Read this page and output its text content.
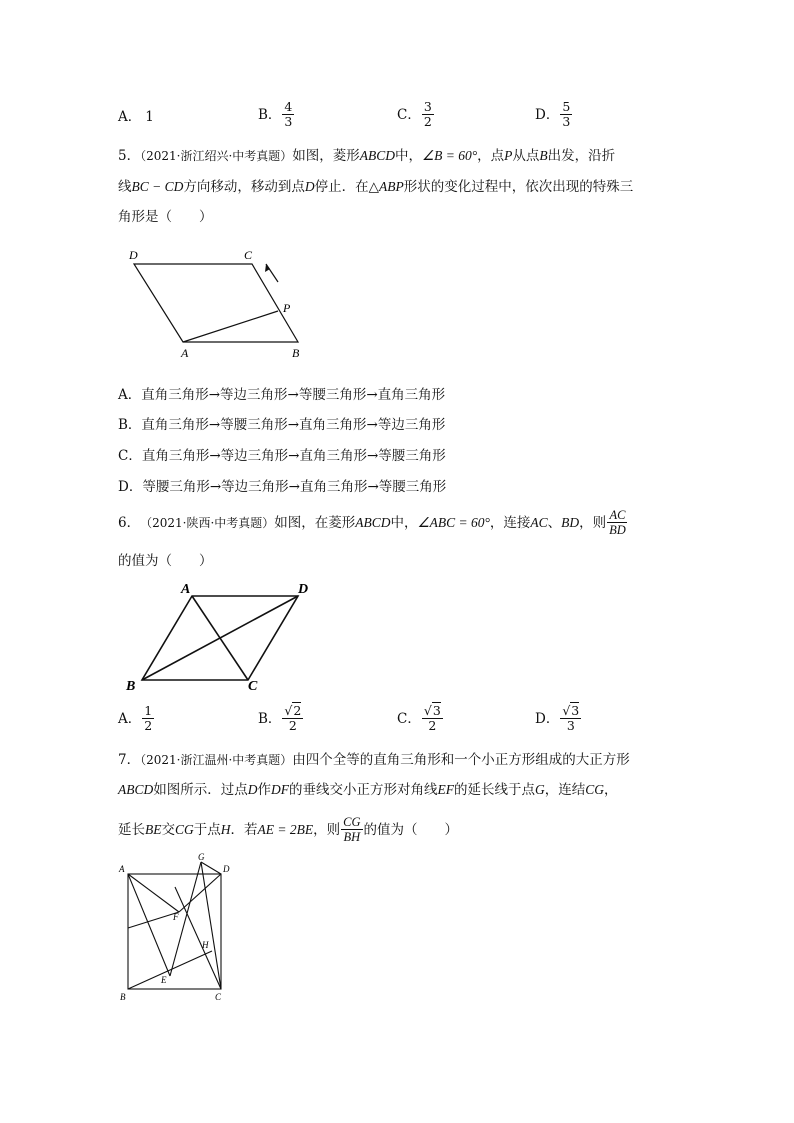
A． 1	B． $\frac{4}{3}$	C． $\frac{3}{2}$	D． $\frac{5}{3}$
5．（2021·浙江绍兴·中考真题）如图，菱形ABCD中，∠B = 60°，点P从点B出发，沿折
线BC − CD方向移动，移动到点D停止．在△ABP形状的变化过程中，依次出现的特殊三
角形是（　　）
D	C
P
A	B
A．直角三角形→等边三角形→等腰三角形→直角三角形
B．直角三角形→等腰三角形→直角三角形→等边三角形
C．直角三角形→等边三角形→直角三角形→等腰三角形
D．等腰三角形→等边三角形→直角三角形→等腰三角形
6． （2021·陕西·中考真题） 如图，在菱形 ABCD 中， ∠ABC = 60° ，连接 AC 、 BD ，则 $\frac{AC}{BD}$
的值为（　　）
A	D
B	C
A． $\frac{1}{2}$	B． $\frac{√2}{2}$	C． $\frac{√3}{2}$	D． $\frac{√3}{3}$
7．（2021·浙江温州·中考真题）由四个全等的直角三角形和一个小正方形组成的大正方形
ABCD如图所示．过点D作DF的垂线交小正方形对角线EF的延长线于点G，连结CG，
延长 BE 交 CG 于点 H ．若 AE = 2BE ，则 $\frac{CG}{BH}$ 的值为（　　）
G
A	D
F
H
E
B	C
